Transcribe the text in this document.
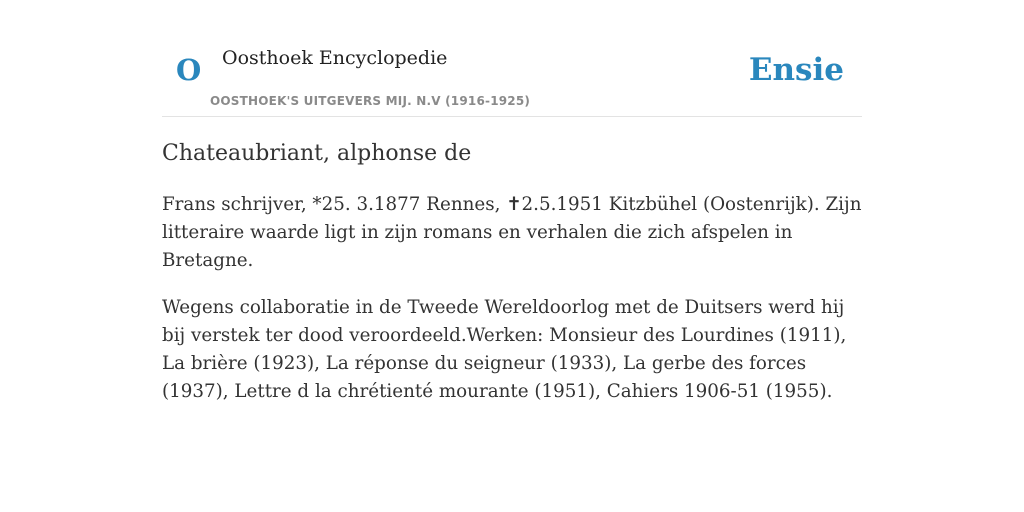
O Oosthoek Encyclopedie
OOSTHOEK'S UITGEVERS MIJ. N.V (1916-1925)
Ensie
Chateaubriant, alphonse de

Frans schrijver, *25. 3.1877 Rennes, ✝2.5.1951 Kitzbühel (Oostenrijk). Zijn litteraire waarde ligt in zijn romans en verhalen die zich afspelen in Bretagne.

Wegens collaboratie in de Tweede Wereldoorlog met de Duitsers werd hij bij verstek ter dood veroordeeld.Werken: Monsieur des Lourdines (1911), La brière (1923), La réponse du seigneur (1933), La gerbe des forces (1937), Lettre d la chrétienté mourante (1951), Cahiers 1906-51 (1955).
